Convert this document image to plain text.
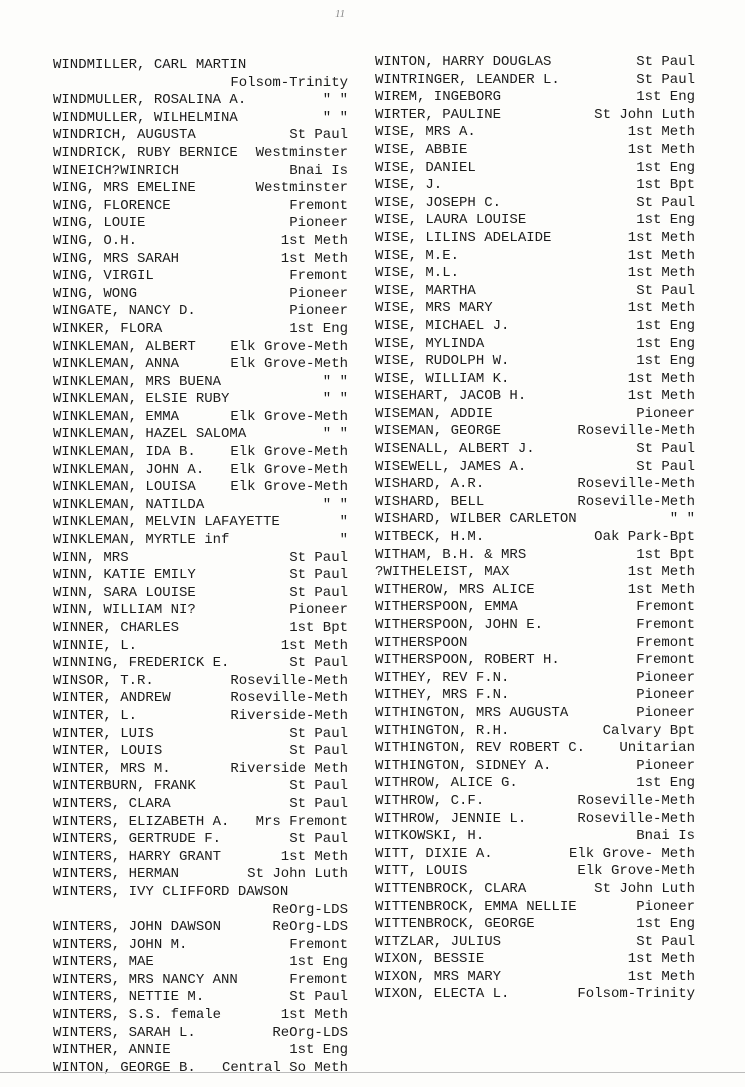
11
WINDMILLER, CARL MARTIN
Folsom-Trinity
WINDMULLER, ROSALINA A.	" "
WINDMULLER, WILHELMINA	" "
WINDRICH, AUGUSTA	St Paul
WINDRICK, RUBY BERNICE Westminster
WINEICH?WINRICH	Bnai Is
WING, MRS EMELINE	Westminster
WING, FLORENCE	Fremont
WING, LOUIE	Pioneer
WING, O.H.	1st Meth
WING, MRS SARAH	1st Meth
WING, VIRGIL	Fremont
WING, WONG	Pioneer
WINGATE, NANCY D.	Pioneer
WINKER, FLORA	1st Eng
WINKLEMAN, ALBERT Elk Grove-Meth
WINKLEMAN, ANNA	Elk Grove-Meth
WINKLEMAN, MRS BUENA	" "
WINKLEMAN, ELSIE RUBY	" "
WINKLEMAN, EMMA	Elk Grove-Meth
WINKLEMAN, HAZEL SALOMA	" "
WINKLEMAN, IDA B. Elk Grove-Meth
WINKLEMAN, JOHN A. Elk Grove-Meth
WINKLEMAN, LOUISA Elk Grove-Meth
WINKLEMAN, NATILDA	" "
WINKLEMAN, MELVIN LAFAYETTE	"
WINKLEMAN, MYRTLE inf	"
WINN, MRS	St Paul
WINN, KATIE EMILY	St Paul
WINN, SARA LOUISE	St Paul
WINN, WILLIAM NI?	Pioneer
WINNER, CHARLES	1st Bpt
WINNIE, L.	1st Meth
WINNING, FREDERICK E.	St Paul
WINSOR, T.R.	Roseville-Meth
WINTER, ANDREW	Roseville-Meth
WINTER, L.	Riverside-Meth
WINTER, LUIS	St Paul
WINTER, LOUIS	St Paul
WINTER, MRS M.	Riverside Meth
WINTERBURN, FRANK	St Paul
WINTERS, CLARA	St Paul
WINTERS, ELIZABETH A. Mrs Fremont
WINTERS, GERTRUDE F.	St Paul
WINTERS, HARRY GRANT	1st Meth
WINTERS, HERMAN	St John Luth
WINTERS, IVY CLIFFORD DAWSON
ReOrg-LDS
WINTERS, JOHN DAWSON	ReOrg-LDS
WINTERS, JOHN M.	Fremont
WINTERS, MAE	1st Eng
WINTERS, MRS NANCY ANN	Fremont
WINTERS, NETTIE M.	St Paul
WINTERS, S.S. female	1st Meth
WINTERS, SARAH L.	ReOrg-LDS
WINTHER, ANNIE	1st Eng
WINTON, GEORGE B. Central So Meth
WINTON, HARRY DOUGLAS	St Paul
WINTRINGER, LEANDER L.	St Paul
WIREM, INGEBORG	1st Eng
WIRTER, PAULINE	St John Luth
WISE, MRS A.	1st Meth
WISE, ABBIE	1st Meth
WISE, DANIEL	1st Eng
WISE, J.	1st Bpt
WISE, JOSEPH C.	St Paul
WISE, LAURA LOUISE	1st Eng
WISE, LILINS ADELAIDE	1st Meth
WISE, M.E.	1st Meth
WISE, M.L.	1st Meth
WISE, MARTHA	St Paul
WISE, MRS MARY	1st Meth
WISE, MICHAEL J.	1st Eng
WISE, MYLINDA	1st Eng
WISE, RUDOLPH W.	1st Eng
WISE, WILLIAM K.	1st Meth
WISEHART, JACOB H.	1st Meth
WISEMAN, ADDIE	Pioneer
WISEMAN, GEORGE	Roseville-Meth
WISENALL, ALBERT J.	St Paul
WISEWELL, JAMES A.	St Paul
WISHARD, A.R.	Roseville-Meth
WISHARD, BELL	Roseville-Meth
WISHARD, WILBER CARLETON	" "
WITBECK, H.M.	Oak Park-Bpt
WITHAM, B.H. & MRS	1st Bpt
?WITHELEIST, MAX	1st Meth
WITHEROW, MRS ALICE	1st Meth
WITHERSPOON, EMMA	Fremont
WITHERSPOON, JOHN E.	Fremont
WITHERSPOON	Fremont
WITHERSPOON, ROBERT H.	Fremont
WITHEY, REV F.N.	Pioneer
WITHEY, MRS F.N.	Pioneer
WITHINGTON, MRS AUGUSTA	Pioneer
WITHINGTON, R.H.	Calvary Bpt
WITHINGTON, REV ROBERT C. Unitarian
WITHINGTON, SIDNEY A.	Pioneer
WITHROW, ALICE G.	1st Eng
WITHROW, C.F.	Roseville-Meth
WITHROW, JENNIE L.	Roseville-Meth
WITKOWSKI, H.	Bnai Is
WITT, DIXIE A.	Elk Grove- Meth
WITT, LOUIS	Elk Grove-Meth
WITTENBROCK, CLARA	St John Luth
WITTENBROCK, EMMA NELLIE	Pioneer
WITTENBROCK, GEORGE	1st Eng
WITZLAR, JULIUS	St Paul
WIXON, BESSIE	1st Meth
WIXON, MRS MARY	1st Meth
WIXON, ELECTA L.	Folsom-Trinity
